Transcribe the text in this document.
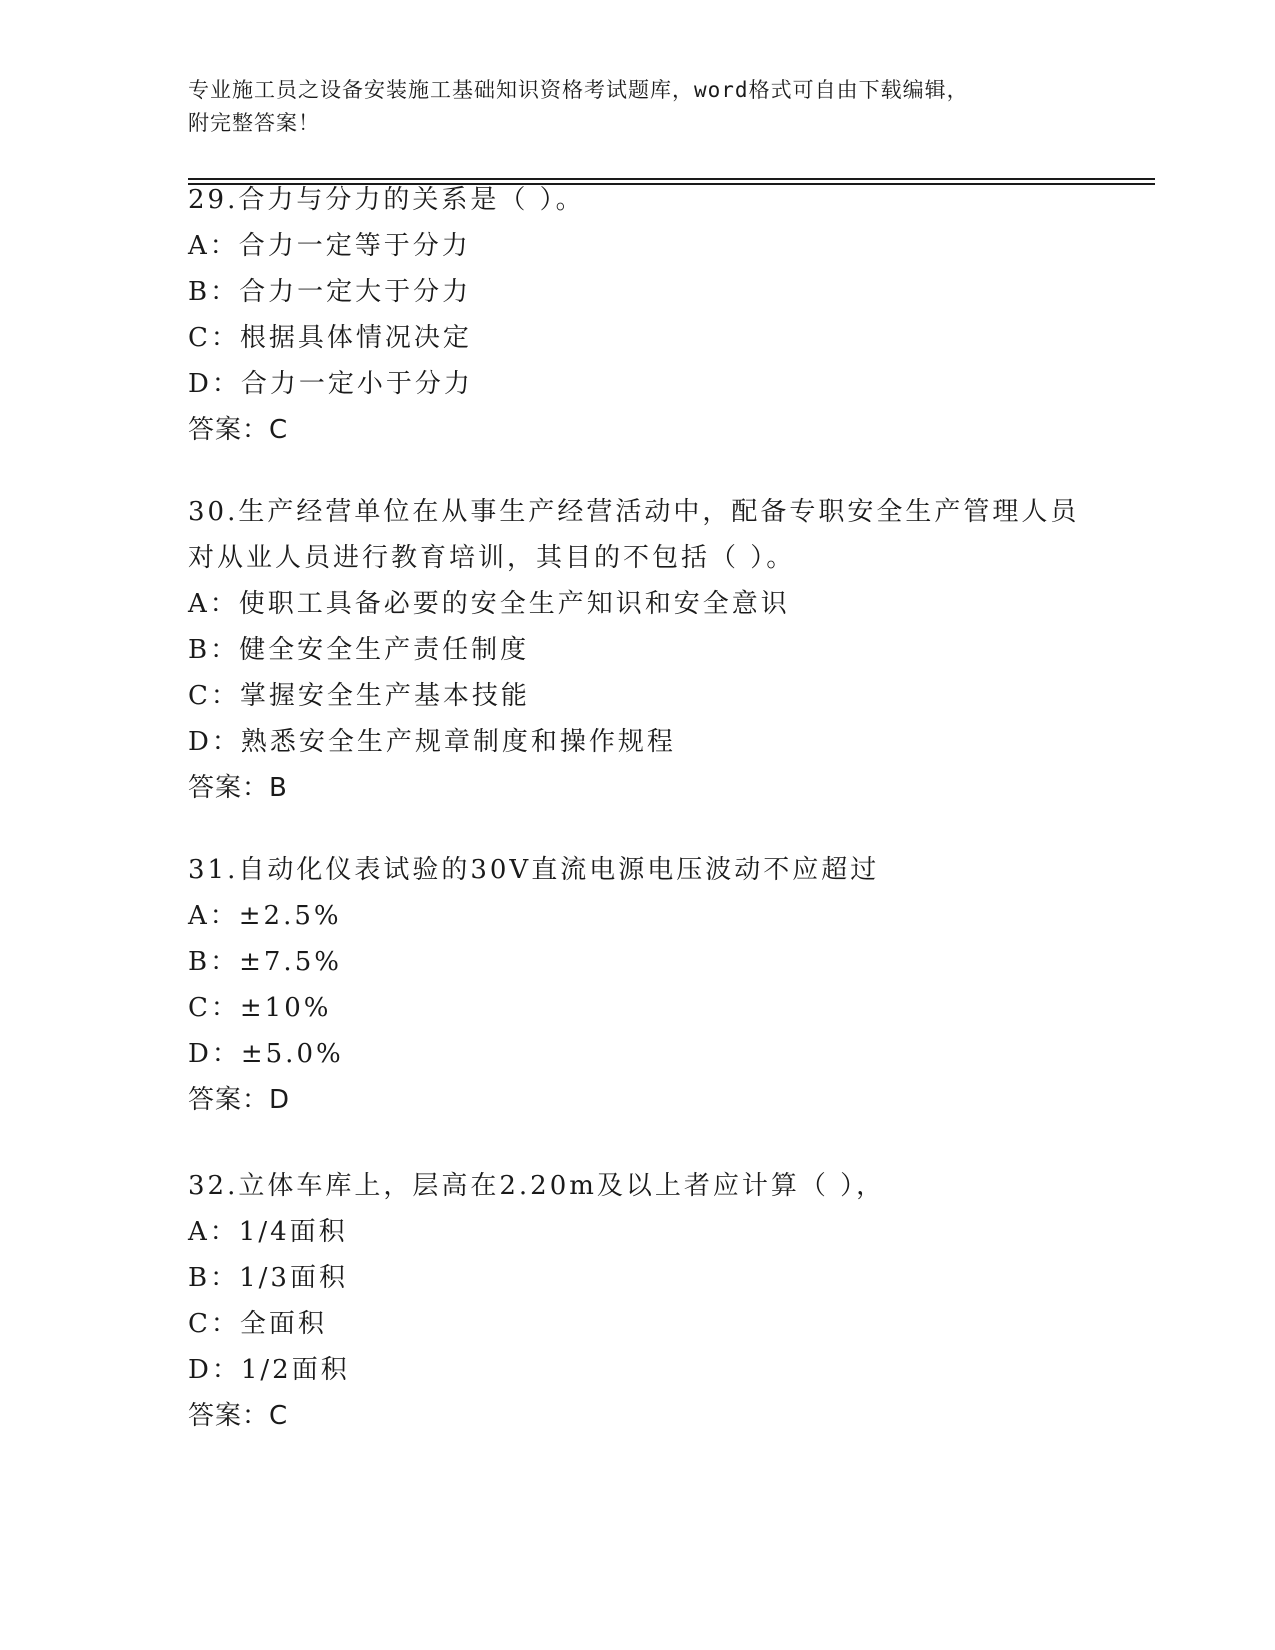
专业施工员之设备安装施工基础知识资格考试题库，word格式可自由下载编辑，
附完整答案！
29.合力与分力的关系是（ ）。
A：合力一定等于分力
B：合力一定大于分力
C：根据具体情况决定
D：合力一定小于分力
答案：C
30.生产经营单位在从事生产经营活动中，配备专职安全生产管理人员
对从业人员进行教育培训，其目的不包括（ ）。
A：使职工具备必要的安全生产知识和安全意识
B：健全安全生产责任制度
C：掌握安全生产基本技能
D：熟悉安全生产规章制度和操作规程
答案：B
31.自动化仪表试验的30V直流电源电压波动不应超过
A：±2.5%
B：±7.5%
C：±10%
D：±5.0%
答案：D
32.立体车库上，层高在2.20m及以上者应计算（ ），
A：1/4面积
B：1/3面积
C：全面积
D：1/2面积
答案：C
